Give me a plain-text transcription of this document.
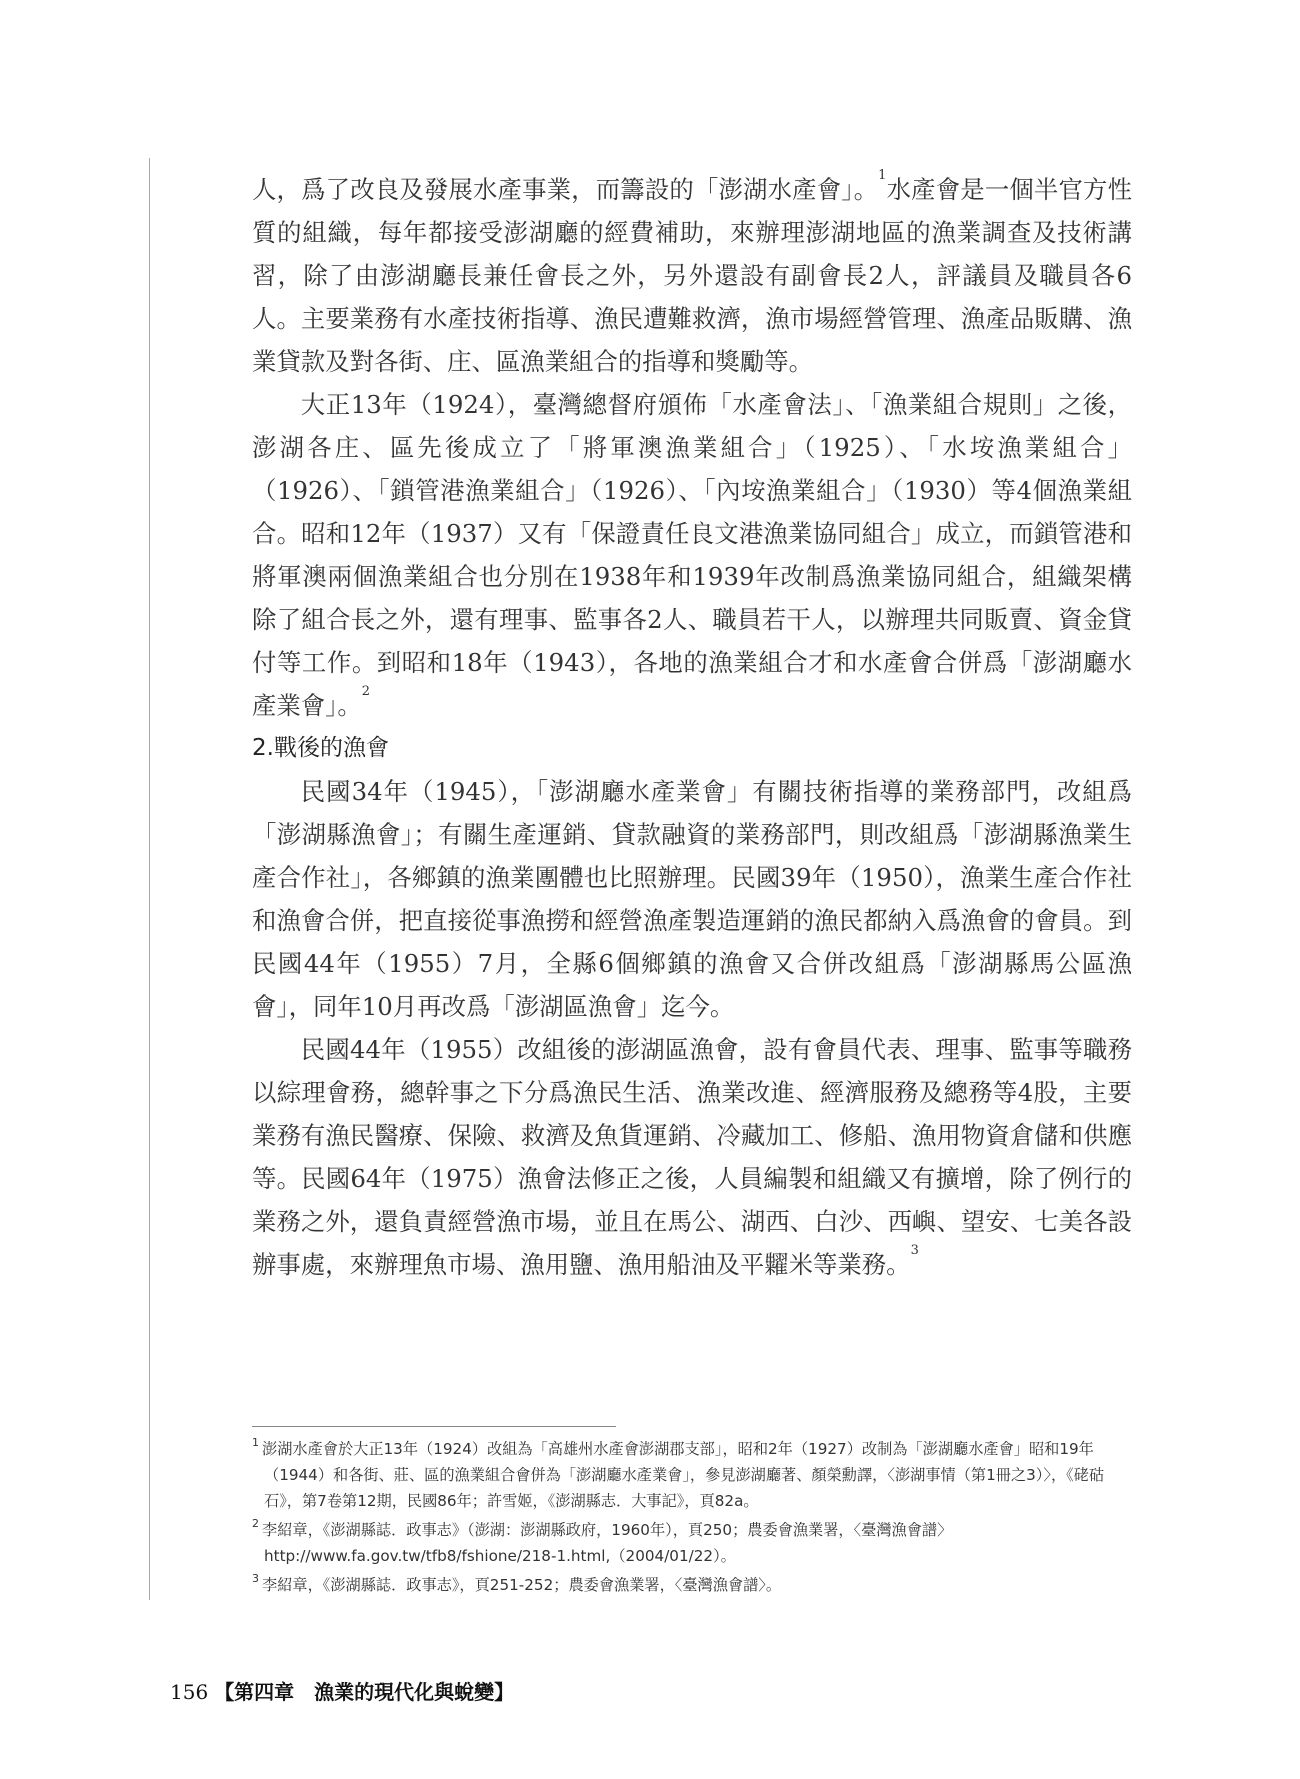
人，爲了改良及發展水產事業，而籌設的「澎湖水產會」。$^1$水產會是一個半官方性質的組織，每年都接受澎湖廳的經費補助，來辦理澎湖地區的漁業調查及技術講習，除了由澎湖廳長兼任會長之外，另外還設有副會長2人，評議員及職員各6人。主要業務有水產技術指導、漁民遭難救濟，漁市場經營管理、漁產品販購、漁業貸款及對各街、庄、區漁業組合的指導和獎勵等。

大正13年（1924），臺灣總督府頒佈「水產會法」、「漁業組合規則」之後，澎湖各庄、區先後成立了「將軍澳漁業組合」（1925）、「水垵漁業組合」（1926）、「鎖管港漁業組合」（1926）、「內垵漁業組合」（1930）等4個漁業組合。昭和12年（1937）又有「保證責任良文港漁業協同組合」成立，而鎖管港和將軍澳兩個漁業組合也分別在1938年和1939年改制爲漁業協同組合，組織架構除了組合長之外，還有理事、監事各2人、職員若干人，以辦理共同販賣、資金貸付等工作。到昭和18年（1943），各地的漁業組合才和水產會合併爲「澎湖廳水產業會」。$^2$

2.戰後的漁會

民國34年（1945），「澎湖廳水產業會」有關技術指導的業務部門，改組爲「澎湖縣漁會」；有關生產運銷、貸款融資的業務部門，則改組爲「澎湖縣漁業生產合作社」，各鄉鎮的漁業團體也比照辦理。民國39年（1950），漁業生產合作社和漁會合併，把直接從事漁撈和經營漁產製造運銷的漁民都納入爲漁會的會員。到民國44年（1955）7月，全縣6個鄉鎮的漁會又合併改組爲「澎湖縣馬公區漁會」，同年10月再改爲「澎湖區漁會」迄今。

民國44年（1955）改組後的澎湖區漁會，設有會員代表、理事、監事等職務以綜理會務，總幹事之下分爲漁民生活、漁業改進、經濟服務及總務等4股，主要業務有漁民醫療、保險、救濟及魚貨運銷、冷藏加工、修船、漁用物資倉儲和供應等。民國64年（1975）漁會法修正之後，人員編製和組織又有擴增，除了例行的業務之外，還負責經營漁市場，並且在馬公、湖西、白沙、西嶼、望安、七美各設辦事處，來辦理魚市場、漁用鹽、漁用船油及平糶米等業務。$^3$

$^1$ 澎湖水產會於大正13年（1924）改組為「高雄州水產會澎湖郡支部」，昭和2年（1927）改制為「澎湖廳水產會」昭和19年（1944）和各街、莊、區的漁業組合會併為「澎湖廳水產業會」，參見澎湖廳著、顏榮勳譯，〈澎湖事情（第1冊之3）〉，《硓𥑮石》，第7卷第12期，民國86年；許雪姬，《澎湖縣志．大事記》，頁82a。

$^2$ 李紹章，《澎湖縣誌．政事志》（澎湖：澎湖縣政府，1960年），頁250；農委會漁業署，〈臺灣漁會譜〉http://www.fa.gov.tw/tfb8/fshione/218-1.html,（2004/01/22）。

$^3$ 李紹章，《澎湖縣誌．政事志》，頁251-252；農委會漁業署，〈臺灣漁會譜〉。

156 【第四章　漁業的現代化與蛻變】
